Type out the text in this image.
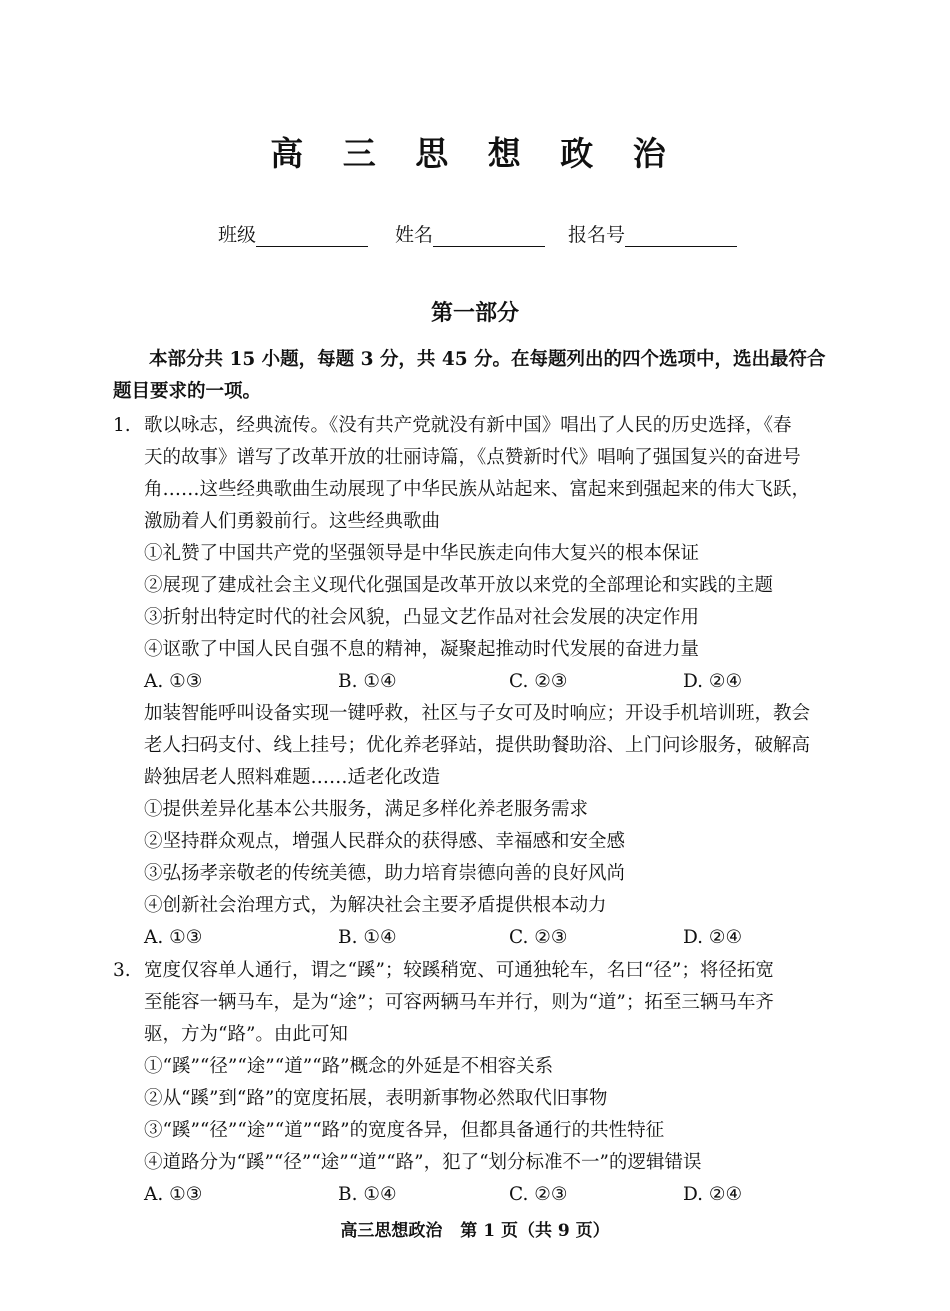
高 三 思 想 政 治
班级	姓名	报名号
第一部分
本部分共 15 小题，每题 3 分，共 45 分。在每题列出的四个选项中，选出最符合题目要求的一项。
1. 歌以咏志，经典流传。《没有共产党就没有新中国》唱出了人民的历史选择，《春
天的故事》谱写了改革开放的壮丽诗篇，《点赞新时代》唱响了强国复兴的奋进号
角……这些经典歌曲生动展现了中华民族从站起来、富起来到强起来的伟大飞跃，
激励着人们勇毅前行。这些经典歌曲
①礼赞了中国共产党的坚强领导是中华民族走向伟大复兴的根本保证
②展现了建成社会主义现代化强国是改革开放以来党的全部理论和实践的主题
③折射出特定时代的社会风貌，凸显文艺作品对社会发展的决定作用
④讴歌了中国人民自强不息的精神，凝聚起推动时代发展的奋进力量
A. ①③	B. ①④	C. ②③	D. ②④
加装智能呼叫设备实现一键呼救，社区与子女可及时响应；开设手机培训班，教会
老人扫码支付、线上挂号；优化养老驿站，提供助餐助浴、上门问诊服务，破解高
龄独居老人照料难题……适老化改造
①提供差异化基本公共服务，满足多样化养老服务需求
②坚持群众观点，增强人民群众的获得感、幸福感和安全感
③弘扬孝亲敬老的传统美德，助力培育崇德向善的良好风尚
④创新社会治理方式，为解决社会主要矛盾提供根本动力
A. ①③	B. ①④	C. ②③	D. ②④
3. 宽度仅容单人通行，谓之“蹊”；较蹊稍宽、可通独轮车，名曰“径”；将径拓宽
至能容一辆马车，是为“途”；可容两辆马车并行，则为“道”；拓至三辆马车齐
驱，方为“路”。由此可知
①“蹊”“径”“途”“道”“路”概念的外延是不相容关系
②从“蹊”到“路”的宽度拓展，表明新事物必然取代旧事物
③“蹊”“径”“途”“道”“路”的宽度各异，但都具备通行的共性特征
④道路分为“蹊”“径”“途”“道”“路”，犯了“划分标准不一”的逻辑错误
A. ①③	B. ①④	C. ②③	D. ②④
高三思想政治 第 1 页（共 9 页）
